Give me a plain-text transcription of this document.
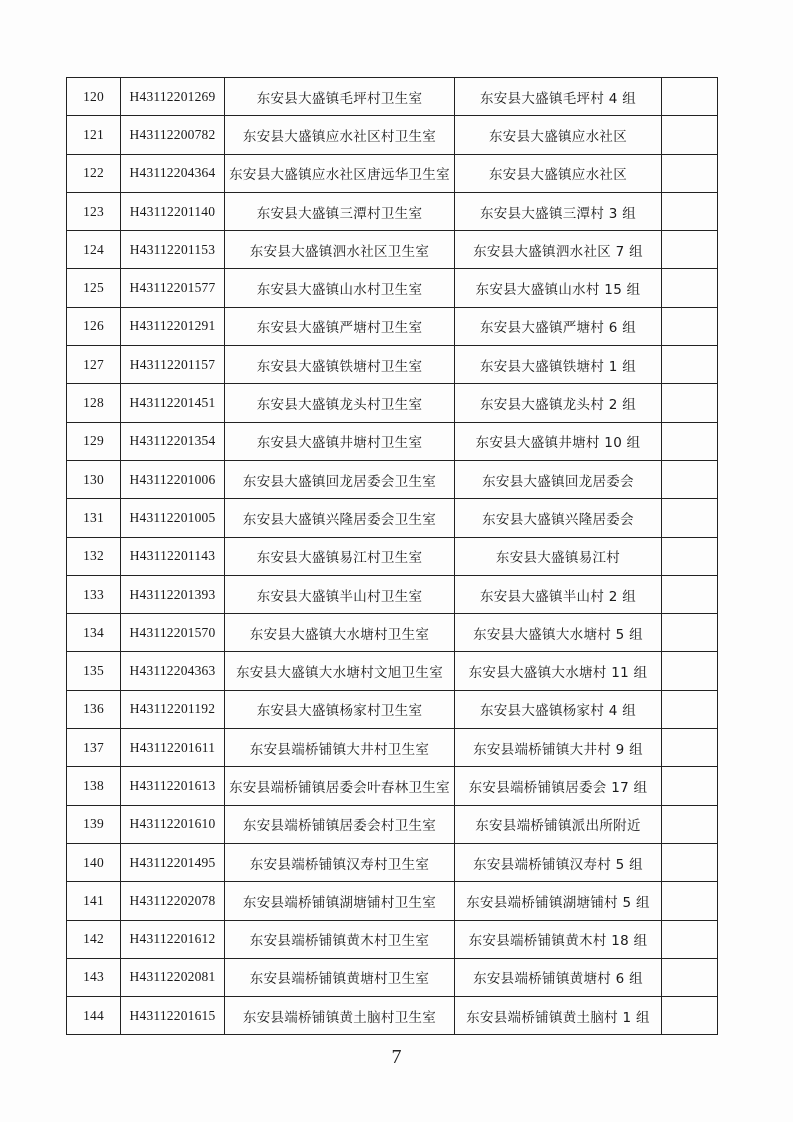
120	H43112201269	东安县大盛镇毛坪村卫生室	东安县大盛镇毛坪村 4 组	
121	H43112200782	东安县大盛镇应水社区村卫生室	东安县大盛镇应水社区	
122	H43112204364	东安县大盛镇应水社区唐远华卫生室	东安县大盛镇应水社区	
123	H43112201140	东安县大盛镇三潭村卫生室	东安县大盛镇三潭村 3 组	
124	H43112201153	东安县大盛镇泗水社区卫生室	东安县大盛镇泗水社区 7 组	
125	H43112201577	东安县大盛镇山水村卫生室	东安县大盛镇山水村 15 组	
126	H43112201291	东安县大盛镇严塘村卫生室	东安县大盛镇严塘村 6 组	
127	H43112201157	东安县大盛镇铁塘村卫生室	东安县大盛镇铁塘村 1 组	
128	H43112201451	东安县大盛镇龙头村卫生室	东安县大盛镇龙头村 2 组	
129	H43112201354	东安县大盛镇井塘村卫生室	东安县大盛镇井塘村 10 组	
130	H43112201006	东安县大盛镇回龙居委会卫生室	东安县大盛镇回龙居委会	
131	H43112201005	东安县大盛镇兴隆居委会卫生室	东安县大盛镇兴隆居委会	
132	H43112201143	东安县大盛镇易江村卫生室	东安县大盛镇易江村	
133	H43112201393	东安县大盛镇半山村卫生室	东安县大盛镇半山村 2 组	
134	H43112201570	东安县大盛镇大水塘村卫生室	东安县大盛镇大水塘村 5 组	
135	H43112204363	东安县大盛镇大水塘村文旭卫生室	东安县大盛镇大水塘村 11 组	
136	H43112201192	东安县大盛镇杨家村卫生室	东安县大盛镇杨家村 4 组	
137	H43112201611	东安县端桥铺镇大井村卫生室	东安县端桥铺镇大井村 9 组	
138	H43112201613	东安县端桥铺镇居委会叶春林卫生室	东安县端桥铺镇居委会 17 组	
139	H43112201610	东安县端桥铺镇居委会村卫生室	东安县端桥铺镇派出所附近	
140	H43112201495	东安县端桥铺镇汉寿村卫生室	东安县端桥铺镇汉寿村 5 组	
141	H43112202078	东安县端桥铺镇湖塘铺村卫生室	东安县端桥铺镇湖塘铺村 5 组	
142	H43112201612	东安县端桥铺镇黄木村卫生室	东安县端桥铺镇黄木村 18 组	
143	H43112202081	东安县端桥铺镇黄塘村卫生室	东安县端桥铺镇黄塘村 6 组	
144	H43112201615	东安县端桥铺镇黄土脑村卫生室	东安县端桥铺镇黄土脑村 1 组	
7
